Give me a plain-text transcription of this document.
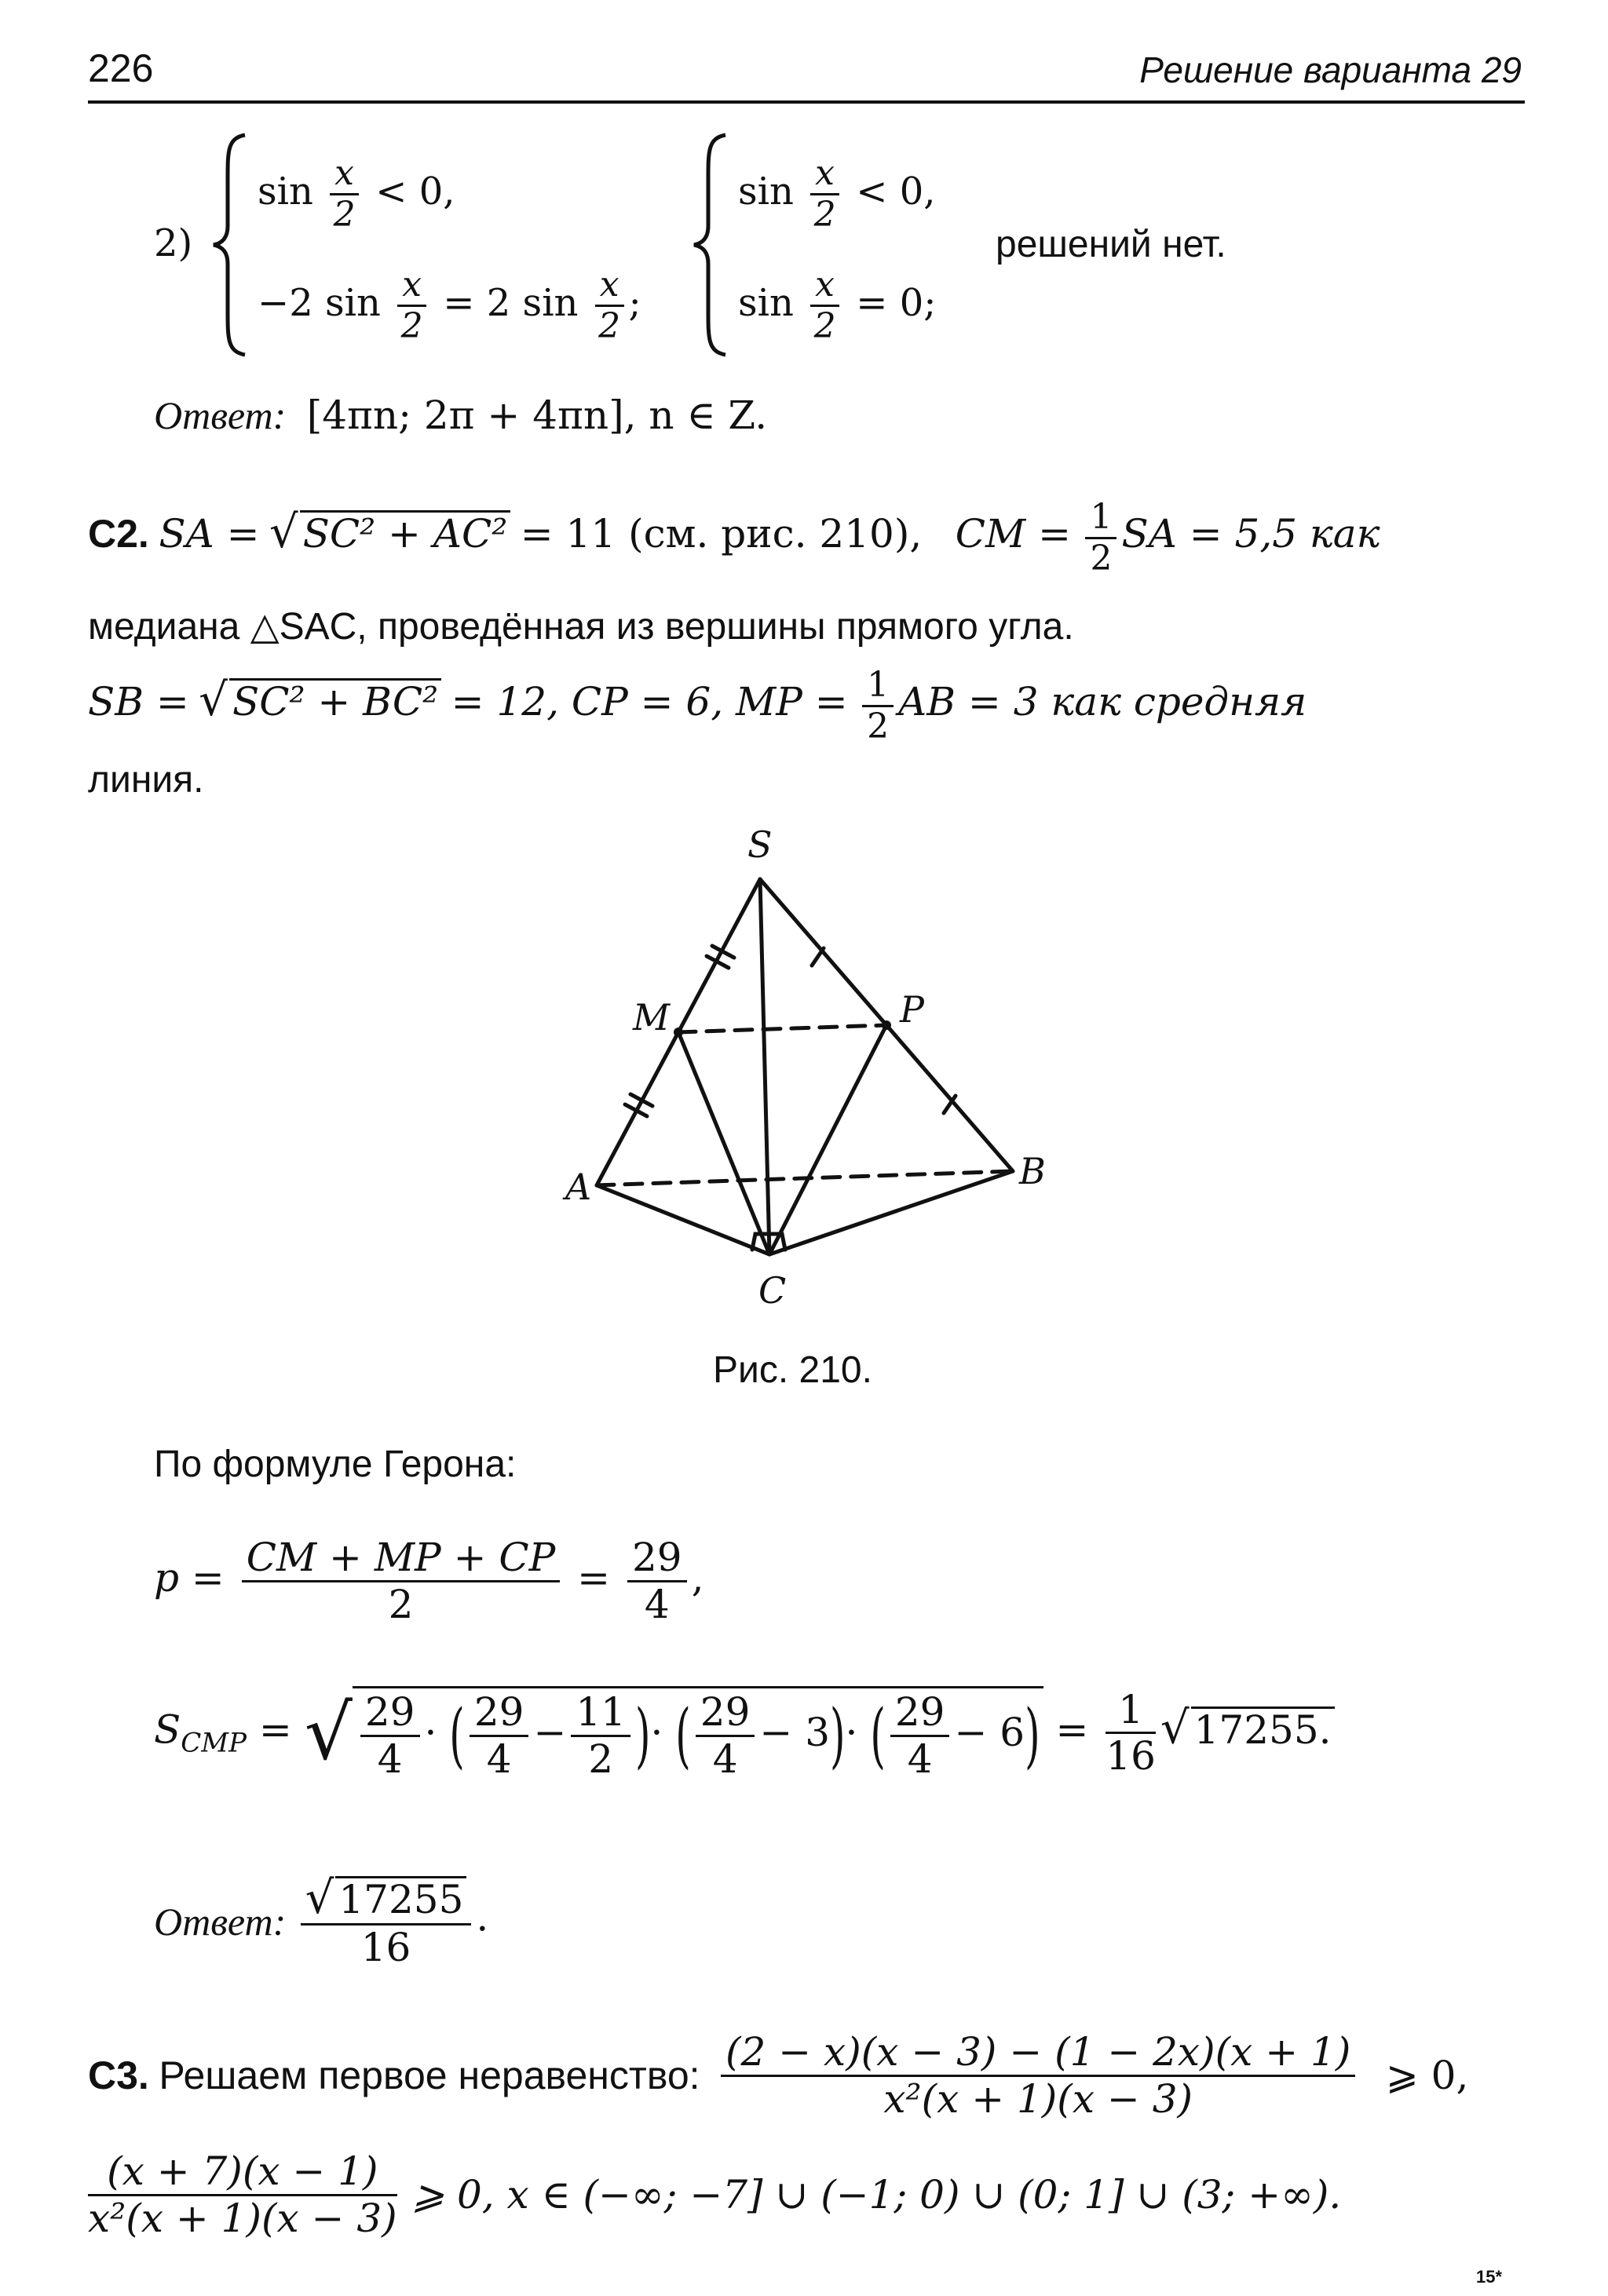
226	Решение варианта 29
2)
$\sin \frac{x}{2} < 0$,
−2 $\sin \frac{x}{2} = 2$ $\sin \frac{x}{2}$ ;
$\sin \frac{x}{2} < 0$,
$\sin \frac{x}{2} = 0$;
решений нет.
Ответ: [4πn; 2π + 4πn], n ∈ Z.
C2. SA = √ SC² + AC² = 11 (см. рис. 210), CM = $\frac{1}{2}$ SA = 5,5 как
медиана △SAC, проведённая из вершины прямого угла.
SB = √ SC² + BC² = 12, CP = 6, MP = $\frac{1}{2}$ AB = 3 как средняя
линия.
S
M	P
A	B
C
Рис. 210.
По формуле Герона:
$p = \frac{CM + MP + CP}{2} = \frac{29}{4}$ ,
$S_{CMP}$ = √ $\frac{29}{4}$ · ( $\frac{29}{4} - \frac{11}{2}$ )· ( $\frac{29}{4} - 3)\cdot$ ( $\frac{29}{4} - 6) = \frac{1}{16}$ √ 17255.
Ответ: $\frac{√ 17255}{16}$ .
C3. Решаем первое неравенство: $\frac{(2 - x)(x - 3) - (1 - 2x)(x + 1)}{\text{x²(x + 1)(x − 3)}}$ ⩾ 0,
$\frac{(x + 7)(x - 1)}{\text{x²(x + 1)(x − 3)}}$ ⩾ 0, x ∈ (−∞; −7] ∪ (−1; 0) ∪ (0; 1] ∪ (3; +∞).
15*
